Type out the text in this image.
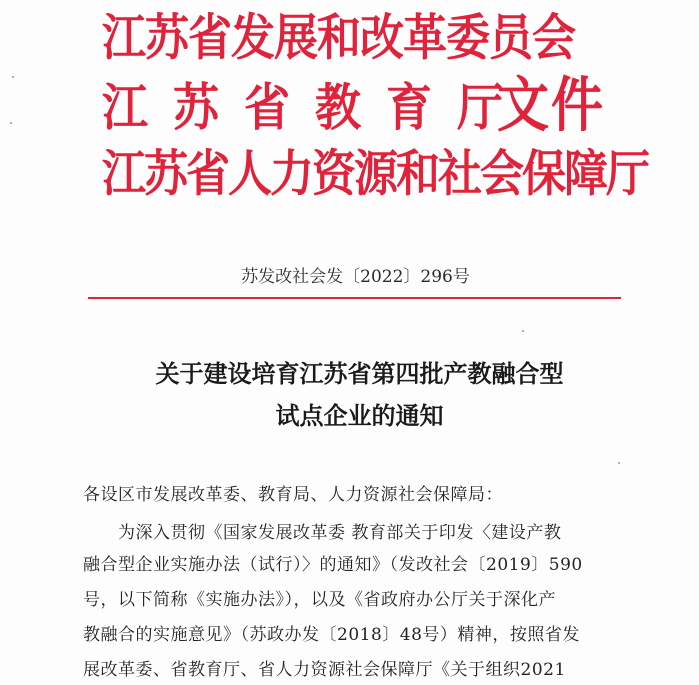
江苏省发展和改革委员会
江苏省教育厅
江苏省人力资源和社会保障厅
文件
苏发改社会发〔2022〕296号
关于建设培育江苏省第四批产教融合型
试点企业的通知
各设区市发展改革委、教育局、人力资源社会保障局：
为深入贯彻《国家发展改革委 教育部关于印发〈建设产教
融合型企业实施办法（试行）〉的通知》（发改社会〔2019〕590
号，以下简称《实施办法》），以及《省政府办公厅关于深化产
教融合的实施意见》（苏政办发〔2018〕48号）精神，按照省发
展改革委、省教育厅、省人力资源社会保障厅《关于组织2021
